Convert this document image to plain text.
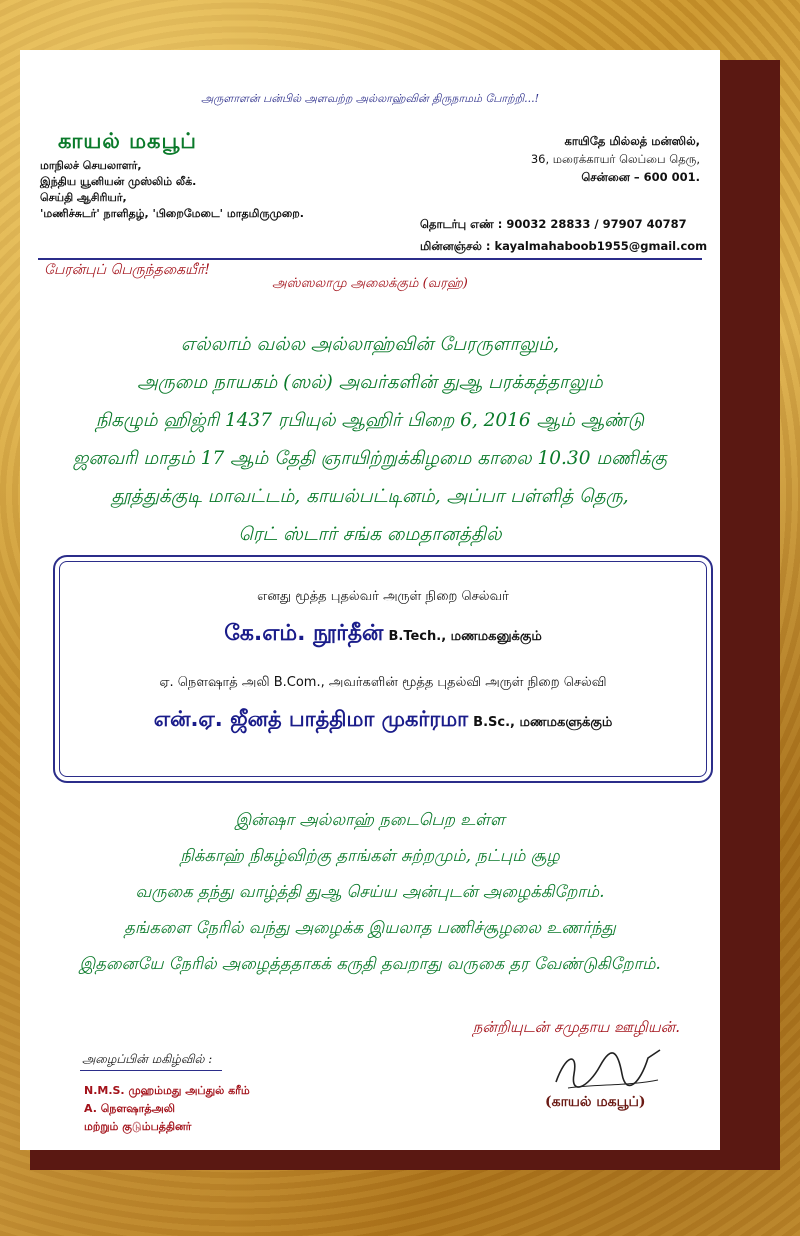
அருளாளன் பன்பில் அளவற்ற அல்லாஹ்வின் திருநாமம் போற்றி...!
காயல் மகபூப்
மாநிலச் செயலாளர்,
இந்திய யூனியன் முஸ்லிம் லீக்.
செய்தி ஆசிரியர்,
'மணிச்சுடர்' நாளிதழ், 'பிறைமேடை' மாதமிருமுறை.
காயிதே மில்லத் மன்ஸில்,
36, மரைக்காயர் லெப்பை தெரு,
சென்னை – 600 001.
தொடர்பு எண் : 90032 28833 / 97907 40787
மின்னஞ்சல் : kayalmahaboob1955@gmail.com
பேரன்புப் பெருந்தகையீர்!
அஸ்ஸலாமு அலைக்கும் (வரஹ்)
எல்லாம் வல்ல அல்லாஹ்வின் பேரருளாலும்,
அருமை நாயகம் (ஸல்) அவர்களின் துஆ பரக்கத்தாலும்
நிகழும் ஹிஜ்ரி 1437 ரபியுல் ஆஹிர் பிறை 6, 2016 ஆம் ஆண்டு
ஜனவரி மாதம் 17 ஆம் தேதி ஞாயிற்றுக்கிழமை காலை 10.30 மணிக்கு
தூத்துக்குடி மாவட்டம், காயல்பட்டினம், அப்பா பள்ளித் தெரு,
ரெட் ஸ்டார் சங்க மைதானத்தில்
இன்ஷா அல்லாஹ் நடைபெற உள்ள
நிக்காஹ் நிகழ்விற்கு தாங்கள் சுற்றமும், நட்பும் சூழ
வருகை தந்து வாழ்த்தி துஆ செய்ய அன்புடன் அழைக்கிறோம்.
தங்களை நேரில் வந்து அழைக்க இயலாத பணிச்சூழலை உணர்ந்து
இதனையே நேரில் அழைத்ததாகக் கருதி தவறாது வருகை தர வேண்டுகிறோம்.
நன்றியுடன் சமுதாய ஊழியன்.
(காயல் மகபூப்)
அழைப்பின் மகிழ்வில் :
N.M.S. முஹம்மது அப்துல் கரீம்
A. நௌஷாத்அலி
மற்றும் குடும்பத்தினர்
எனது மூத்த புதல்வர் அருள் நிறை செல்வர்
கே.எம். நூர்தீன் B.Tech., மணமகனுக்கும்
ஏ. நௌஷாத் அலி B.Com., அவர்களின் மூத்த புதல்வி அருள் நிறை செல்வி
என்.ஏ. ஜீனத் பாத்திமா முகர்ரமா B.Sc., மணமகளுக்கும்
